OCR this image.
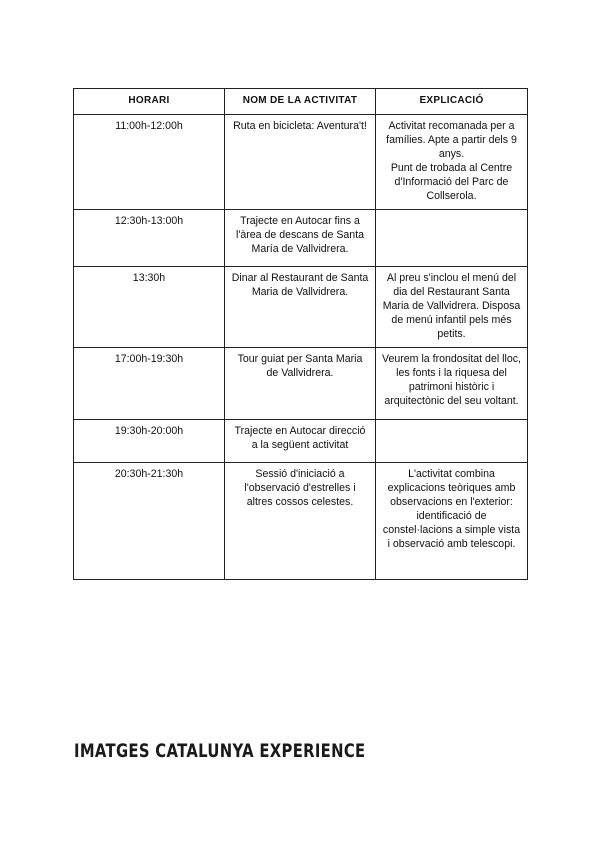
HORARI	NOM DE LA ACTIVITAT	EXPLICACIÓ

11:00h-12:00h	Ruta en bicicleta: Aventura't!	Activitat recomanada per a famílies. Apte a partir dels 9 anys.
Punt de trobada al Centre d'Informació del Parc de Collserola.

12:30h-13:00h	Trajecte en Autocar fins a l'àrea de descans de Santa María de Vallvidrera.	

13:30h	Dinar al Restaurant de Santa Maria de Vallvidrera.	Al preu s'inclou el menú del dia del Restaurant Santa Maria de Vallvidrera. Disposa de menú infantil pels més petits.

17:00h-19:30h	Tour guiat per Santa Maria de Vallvidrera.	Veurem la frondositat del lloc, les fonts i la riquesa del patrimoni històric i arquitectònic del seu voltant.

19:30h-20:00h	Trajecte en Autocar direcció a la següent activitat	

20:30h-21:30h	Sessió d'iniciació a l'observació d'estrelles i altres cossos celestes.	L'activitat combina explicacions teòriques amb observacions en l'exterior: identificació de constel·lacions a simple vista i observació amb telescopi.
IMATGES CATALUNYA EXPERIENCE
